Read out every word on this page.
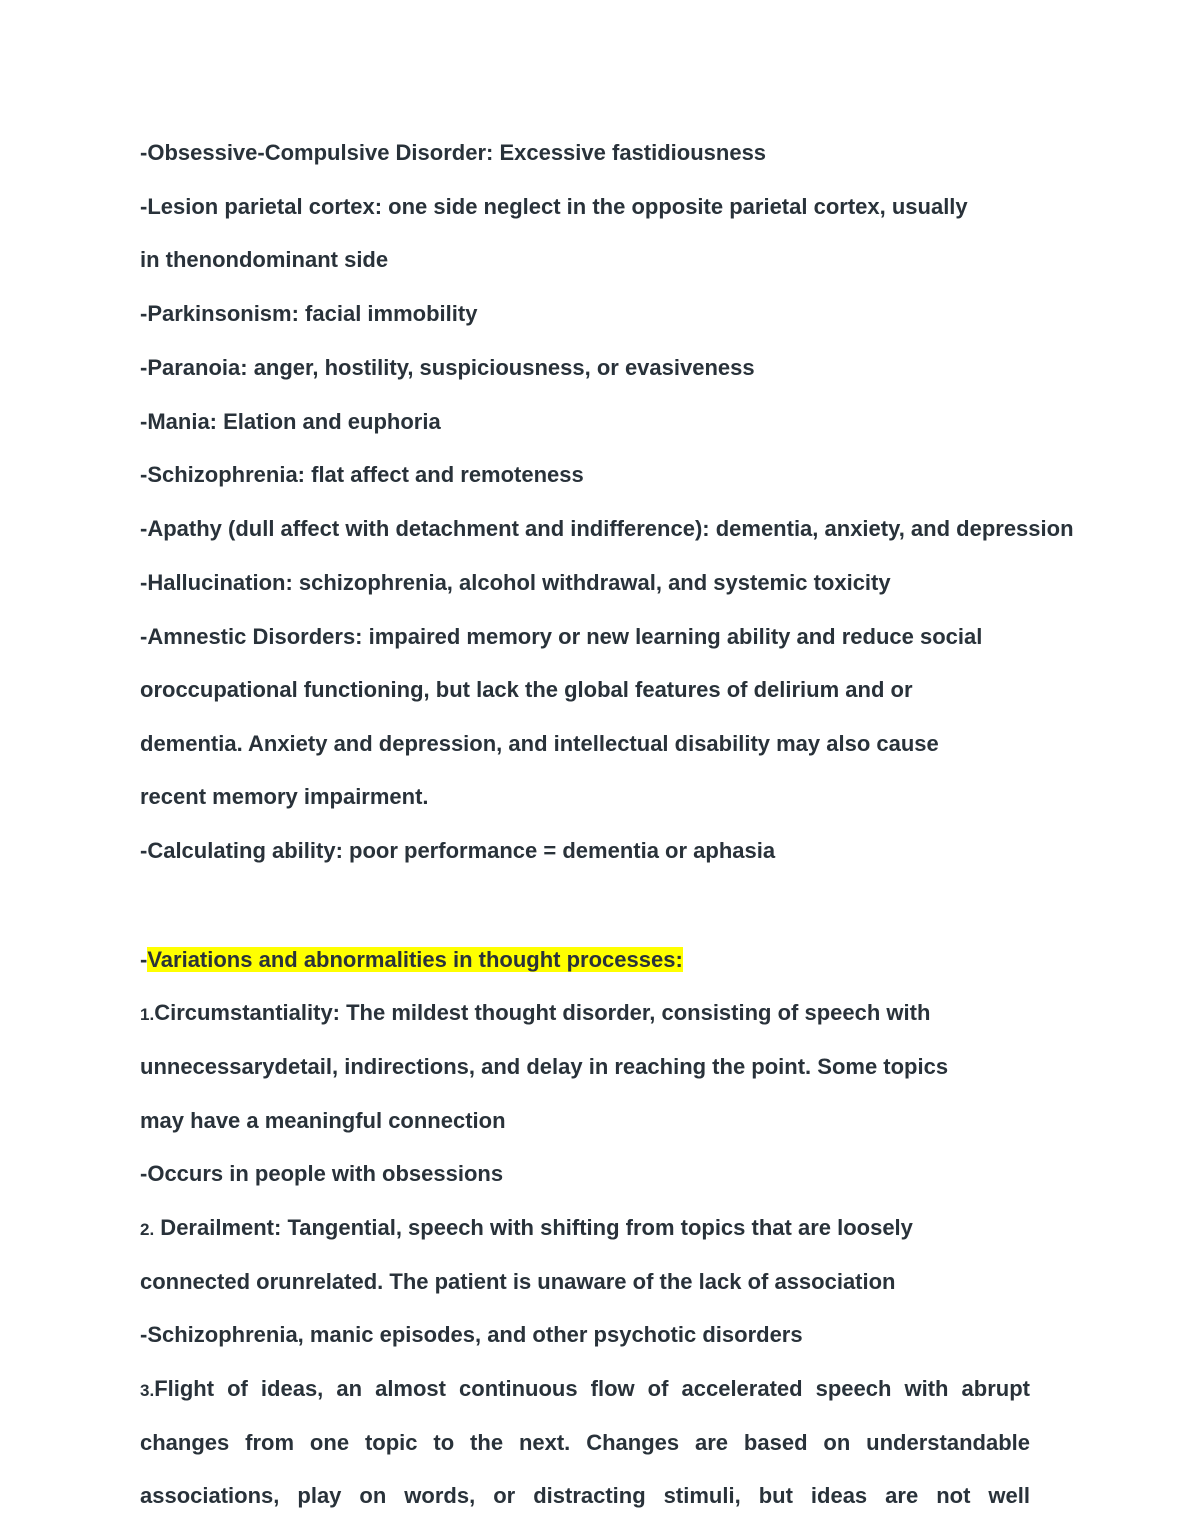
-Obsessive-Compulsive Disorder: Excessive fastidiousness
-Lesion parietal cortex: one side neglect in the opposite parietal cortex, usually
in thenondominant side
-Parkinsonism: facial immobility
-Paranoia: anger, hostility, suspiciousness, or evasiveness
-Mania: Elation and euphoria
-Schizophrenia: flat affect and remoteness
-Apathy (dull affect with detachment and indifference): dementia, anxiety, and depression
-Hallucination: schizophrenia, alcohol withdrawal, and systemic toxicity
-Amnestic Disorders: impaired memory or new learning ability and reduce social
oroccupational functioning, but lack the global features of delirium and or
dementia. Anxiety and depression, and intellectual disability may also cause
recent memory impairment.
-Calculating ability: poor performance = dementia or aphasia
-Variations and abnormalities in thought processes:
1.Circumstantiality: The mildest thought disorder, consisting of speech with
unnecessarydetail, indirections, and delay in reaching the point. Some topics
may have a meaningful connection
-Occurs in people with obsessions
2. Derailment: Tangential, speech with shifting from topics that are loosely
connected orunrelated. The patient is unaware of the lack of association
-Schizophrenia, manic episodes, and other psychotic disorders
3.Flight of ideas, an almost continuous flow of accelerated speech with abrupt
changes from one topic to the next. Changes are based on understandable
associations, play on words, or distracting stimuli, but ideas are not well
